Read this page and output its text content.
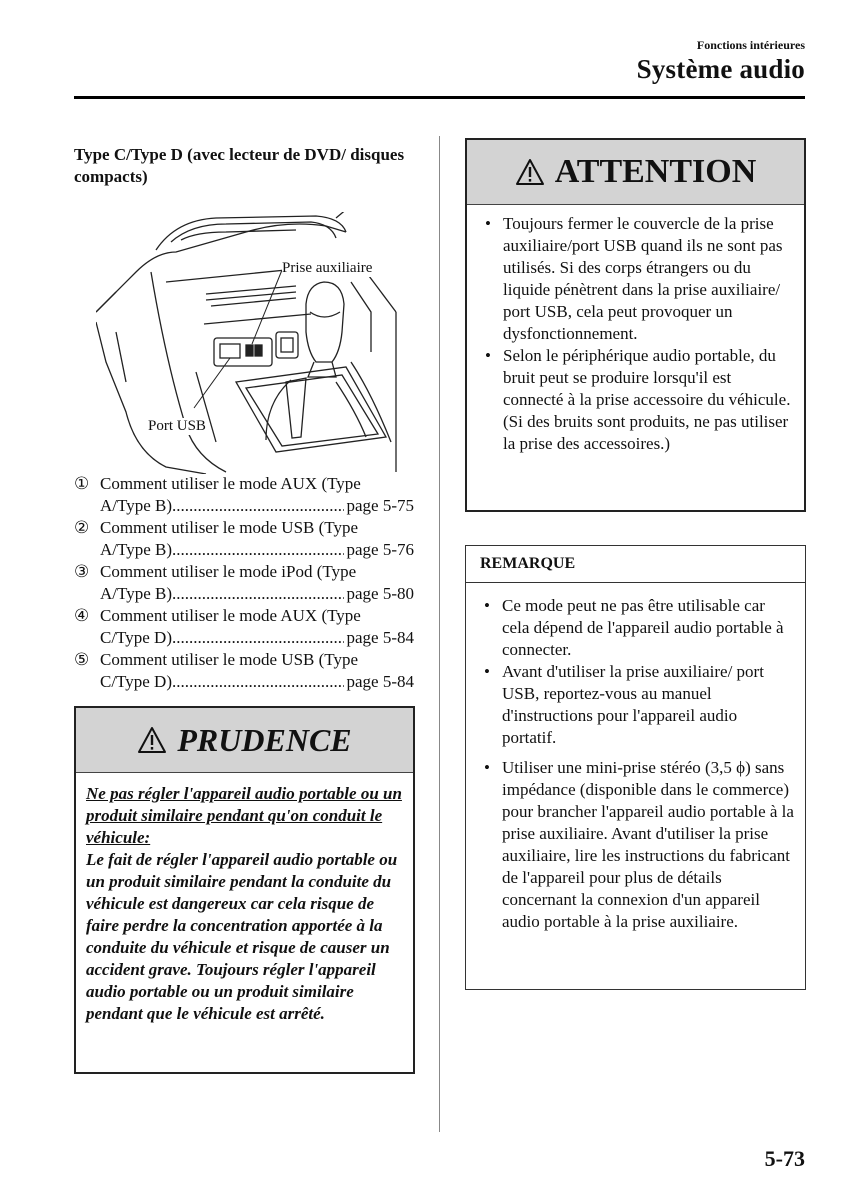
Fonctions intérieures
Système audio
Type C/Type D (avec lecteur de DVD/ disques compacts)
Prise auxiliaire
Port USB
① Comment utiliser le mode AUX (Type
A/Type B) .....	page 5-75
② Comment utiliser le mode USB (Type
A/Type B) .....	page 5-76
③ Comment utiliser le mode iPod (Type
A/Type B) .....	page 5-80
④ Comment utiliser le mode AUX (Type
C/Type D) .....	page 5-84
⑤ Comment utiliser le mode USB (Type
C/Type D) .....	page 5-84
PRUDENCE
Ne pas régler l'appareil audio portable ou un produit similaire pendant qu'on conduit le véhicule:
Le fait de régler l'appareil audio portable ou un produit similaire pendant la conduite du véhicule est dangereux car cela risque de faire perdre la concentration apportée à la conduite du véhicule et risque de causer un accident grave. Toujours régler l'appareil audio portable ou un produit similaire pendant que le véhicule est arrêté.
ATTENTION
• Toujours fermer le couvercle de la prise auxiliaire/port USB quand ils ne sont pas utilisés. Si des corps étrangers ou du liquide pénètrent dans la prise auxiliaire/ port USB, cela peut provoquer un dysfonctionnement.
• Selon le périphérique audio portable, du bruit peut se produire lorsqu'il est connecté à la prise accessoire du véhicule. (Si des bruits sont produits, ne pas utiliser la prise des accessoires.)
REMARQUE
• Ce mode peut ne pas être utilisable car cela dépend de l'appareil audio portable à connecter.
• Avant d'utiliser la prise auxiliaire/ port USB, reportez-vous au manuel d'instructions pour l'appareil audio portatif.
• Utiliser une mini-prise stéréo (3,5 ϕ) sans impédance (disponible dans le commerce) pour brancher l'appareil audio portable à la prise auxiliaire. Avant d'utiliser la prise auxiliaire, lire les instructions du fabricant de l'appareil pour plus de détails concernant la connexion d'un appareil audio portable à la prise auxiliaire.
5-73
